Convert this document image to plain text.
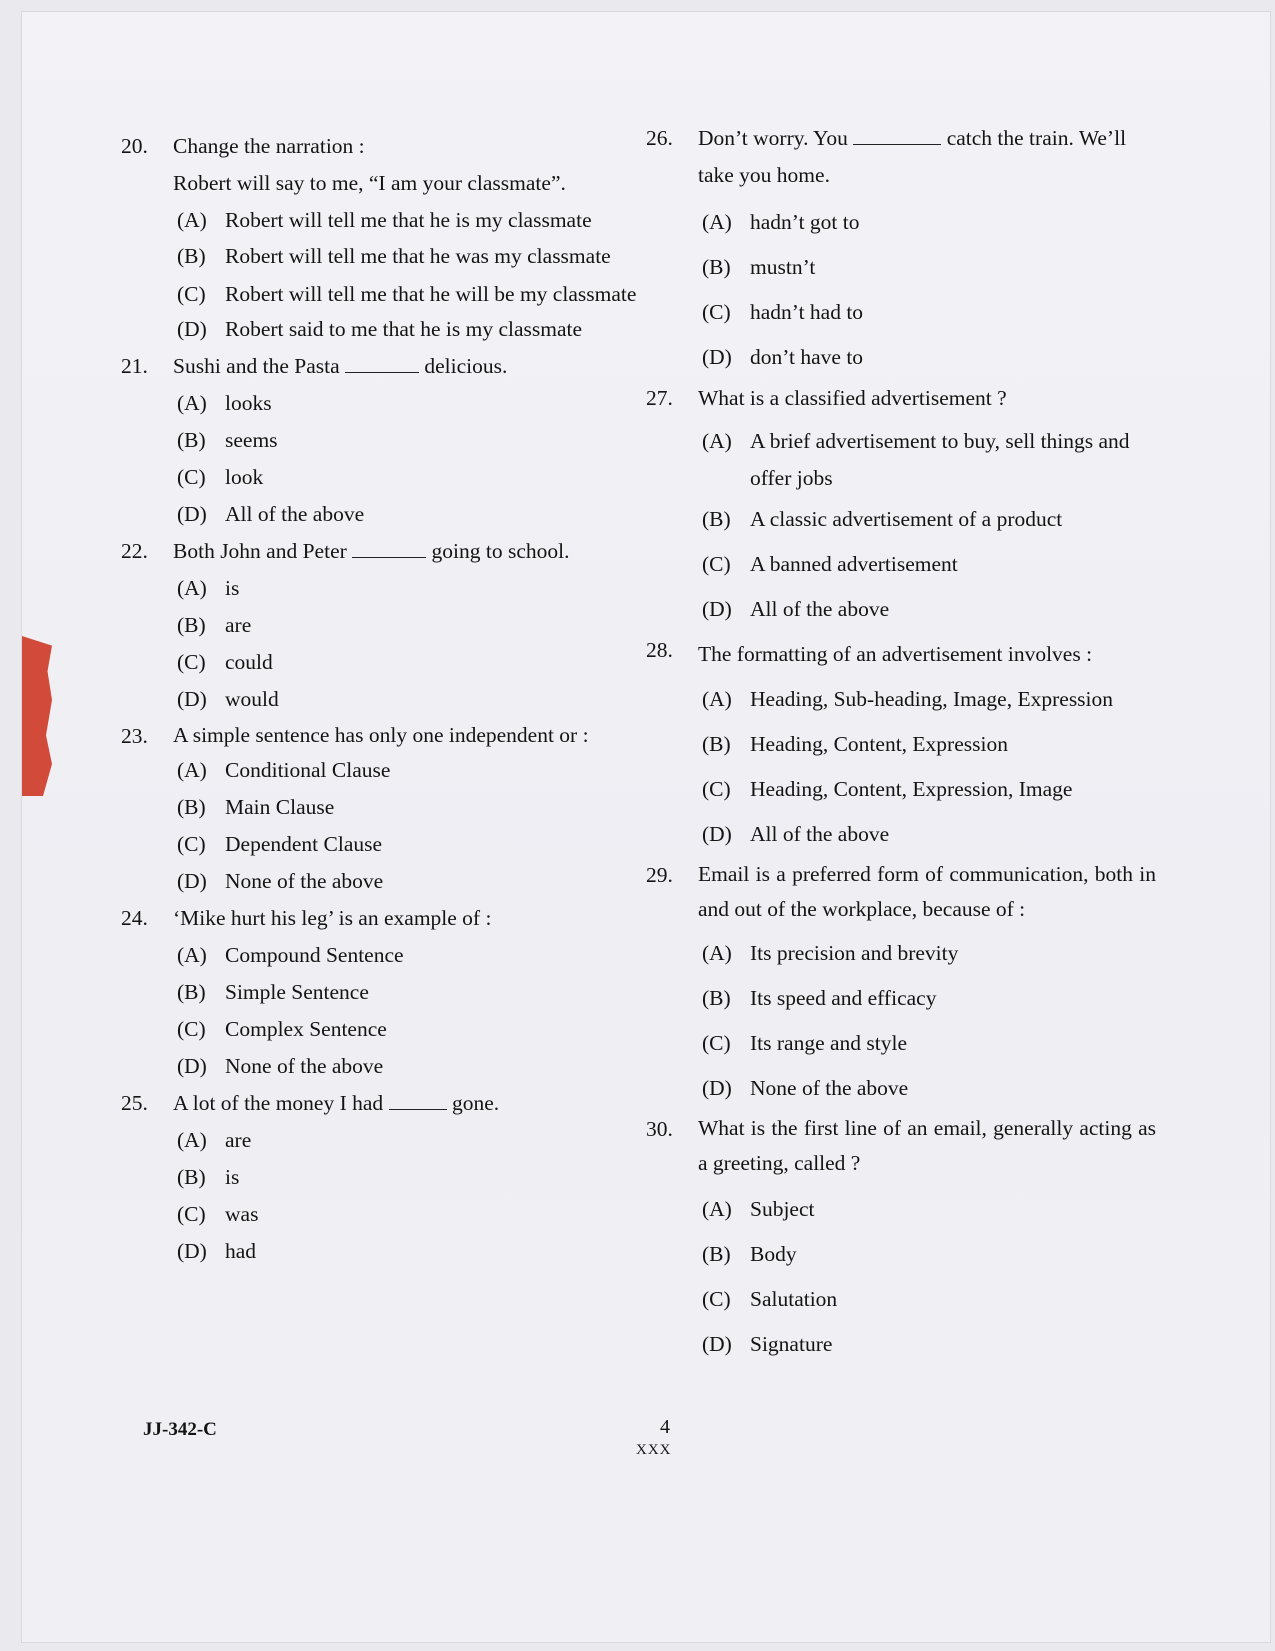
20. Change the narration :

Robert will say to me, “I am your classmate”.

(A) Robert will tell me that he is my classmate
(B) Robert will tell me that he was my classmate
(C) Robert will tell me that he will be my classmate
(D) Robert said to me that he is my classmate
21. Sushi and the Pasta	delicious.

(A) looks
(B) seems
(C) look
(D) All of the above
22. Both John and Peter	going to school.

(A) is
(B) are
(C) could
(D) would
23. A simple sentence has only one independent or :

(A) Conditional Clause
(B) Main Clause
(C) Dependent Clause
(D) None of the above
24. ‘Mike hurt his leg’ is an example of :

(A) Compound Sentence
(B) Simple Sentence
(C) Complex Sentence
(D) None of the above
25. A lot of the money I had	gone.

(A) are
(B) is
(C) was
(D) had
26. Don’t worry. You	catch the train. We’ll take you home.

(A) hadn’t got to
(B) mustn’t
(C) hadn’t had to
(D) don’t have to
27. What is a classified advertisement ?

(A) A brief advertisement to buy, sell things and offer jobs
(B) A classic advertisement of a product
(C) A banned advertisement
(D) All of the above
28. The formatting of an advertisement involves :

(A) Heading, Sub-heading, Image, Expression
(B) Heading, Content, Expression
(C) Heading, Content, Expression, Image
(D) All of the above
29. Email is a preferred form of communication, both in and out of the workplace, because of :

(A) Its precision and brevity
(B) Its speed and efficacy
(C) Its range and style
(D) None of the above
30. What is the first line of an email, generally acting as a greeting, called ?

(A) Subject
(B) Body
(C) Salutation
(D) Signature
JJ-342-C	4
XXX
